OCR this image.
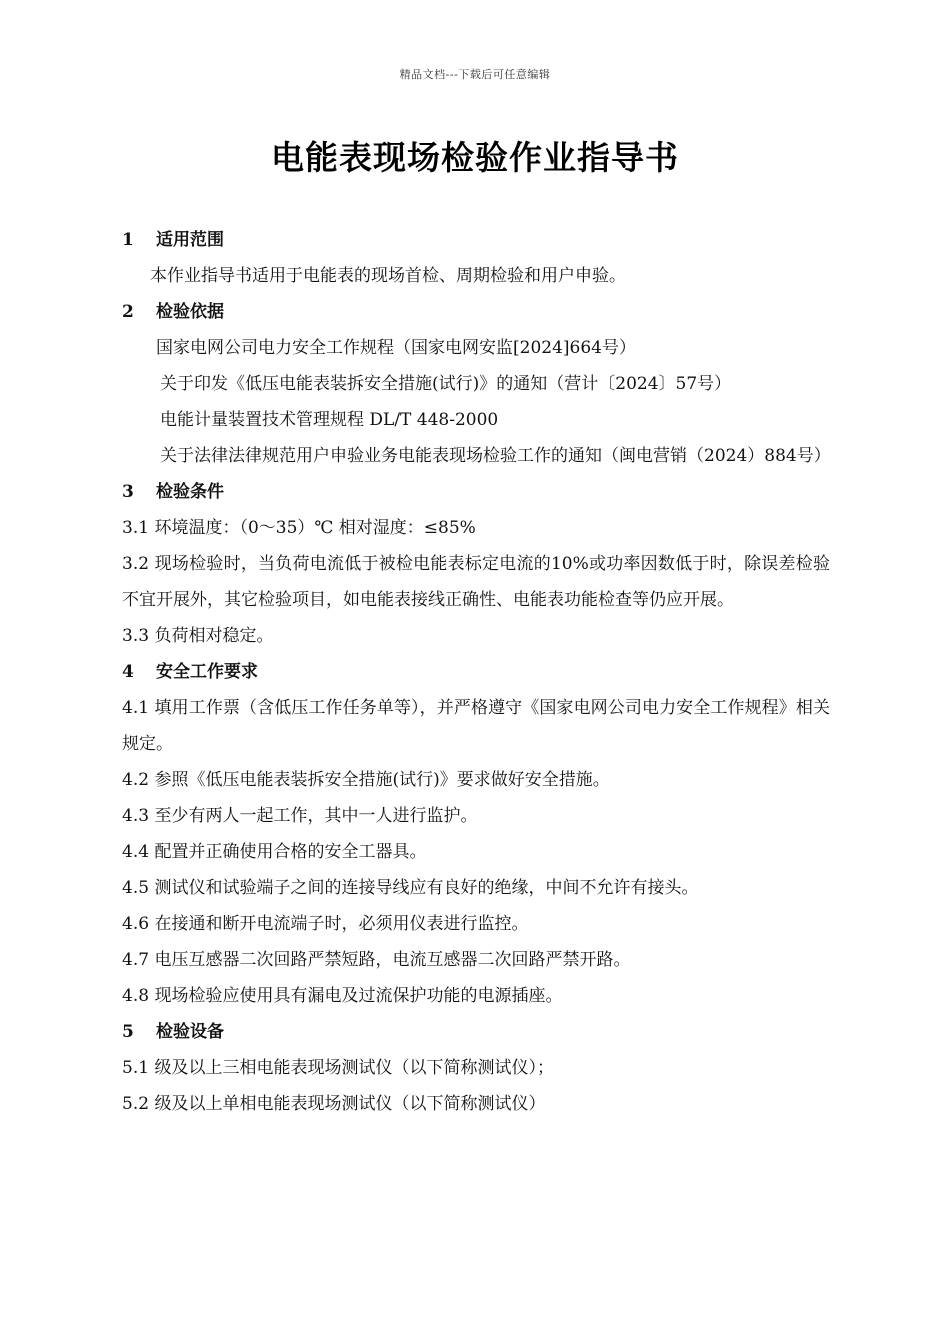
精品文档---下载后可任意编辑
电能表现场检验作业指导书
1 适用范围
本作业指导书适用于电能表的现场首检、周期检验和用户申验。
2 检验依据
国家电网公司电力安全工作规程（国家电网安监[2024]664号）
关于印发《低压电能表装拆安全措施(试行)》的通知（营计〔2024〕57号）
电能计量装置技术管理规程 DL/T 448-2000
关于法律法律规范用户申验业务电能表现场检验工作的通知（闽电营销（2024）884号）
3 检验条件
3.1 环境温度：（0～35）℃ 相对湿度：≤85%
3.2 现场检验时，当负荷电流低于被检电能表标定电流的10%或功率因数低于时，除误差检验不宜开展外，其它检验项目，如电能表接线正确性、电能表功能检查等仍应开展。
3.3 负荷相对稳定。
4 安全工作要求
4.1 填用工作票（含低压工作任务单等），并严格遵守《国家电网公司电力安全工作规程》相关规定。
4.2 参照《低压电能表装拆安全措施(试行)》要求做好安全措施。
4.3 至少有两人一起工作，其中一人进行监护。
4.4 配置并正确使用合格的安全工器具。
4.5 测试仪和试验端子之间的连接导线应有良好的绝缘，中间不允许有接头。
4.6 在接通和断开电流端子时，必须用仪表进行监控。
4.7 电压互感器二次回路严禁短路，电流互感器二次回路严禁开路。
4.8 现场检验应使用具有漏电及过流保护功能的电源插座。
5 检验设备
5.1 级及以上三相电能表现场测试仪（以下简称测试仪）；
5.2 级及以上单相电能表现场测试仪（以下简称测试仪）
